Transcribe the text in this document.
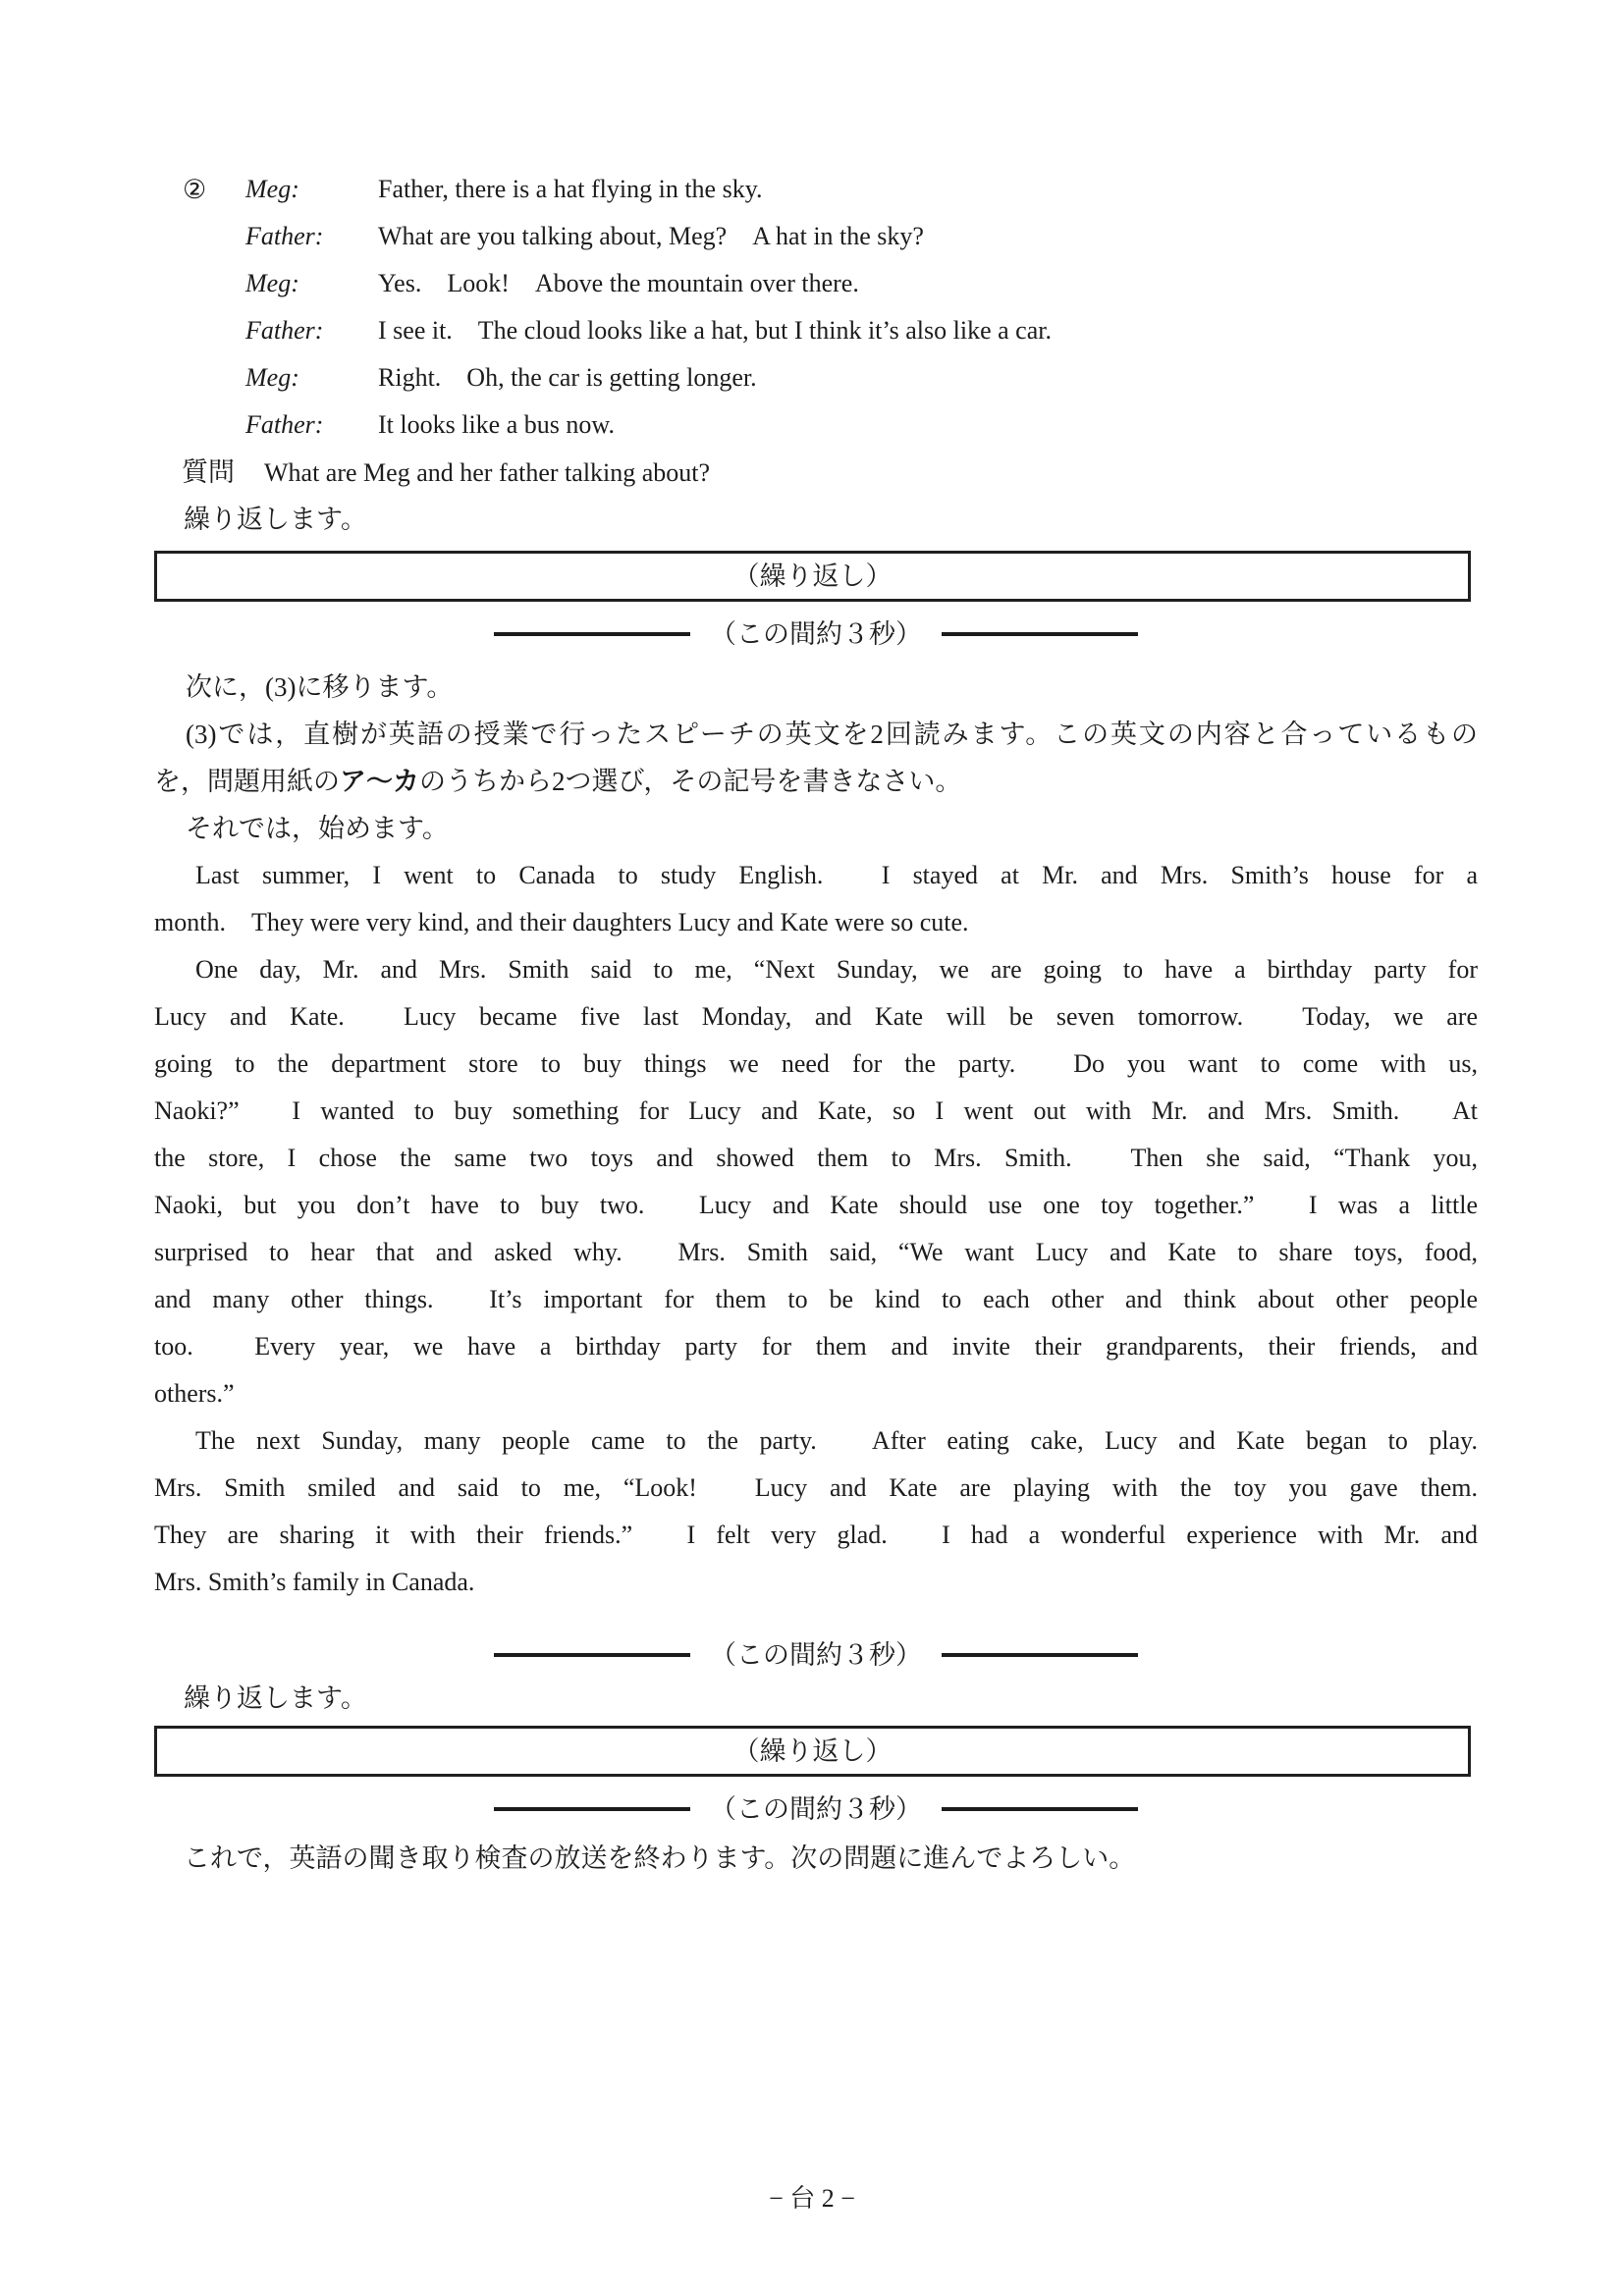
② Meg:	Father, there is a hat flying in the sky.
Father: What are you talking about, Meg?　A hat in the sky?
Meg:	Yes.　Look!　Above the mountain over there.
Father: I see it.　The cloud looks like a hat, but I think it’s also like a car.
Meg:	Right.　Oh, the car is getting longer.
Father: It looks like a bus now.
質問 What are Meg and her father talking about?
繰り返します。
（繰り返し）
（この間約３秒）
次に，(3)に移ります。
(3)では，直樹が英語の授業で行ったスピーチの英文を2回読みます。この英文の内容と合っているもの
を，問題用紙のア～カのうちから2つ選び，その記号を書きなさい。
それでは，始めます。
Last summer, I went to Canada to study English.　I stayed at Mr. and Mrs. Smith’s house for a
month.　They were very kind, and their daughters Lucy and Kate were so cute.
One day, Mr. and Mrs. Smith said to me, “Next Sunday, we are going to have a birthday party for
Lucy and Kate.　Lucy became five last Monday, and Kate will be seven tomorrow.　Today, we are
going to the department store to buy things we need for the party.　Do you want to come with us,
Naoki?”　I wanted to buy something for Lucy and Kate, so I went out with Mr. and Mrs. Smith.　At
the store, I chose the same two toys and showed them to Mrs. Smith.　Then she said, “Thank you,
Naoki, but you don’t have to buy two.　Lucy and Kate should use one toy together.”　I was a little
surprised to hear that and asked why.　Mrs. Smith said, “We want Lucy and Kate to share toys, food,
and many other things.　It’s important for them to be kind to each other and think about other people
too.　Every year, we have a birthday party for them and invite their grandparents, their friends, and
others.”
The next Sunday, many people came to the party.　After eating cake, Lucy and Kate began to play.
Mrs. Smith smiled and said to me, “Look!　Lucy and Kate are playing with the toy you gave them.
They are sharing it with their friends.”　I felt very glad.　I had a wonderful experience with Mr. and
Mrs. Smith’s family in Canada.
（この間約３秒）
繰り返します。
（繰り返し）
（この間約３秒）
これで，英語の聞き取り検査の放送を終わります。次の問題に進んでよろしい。
− 台 2 −
